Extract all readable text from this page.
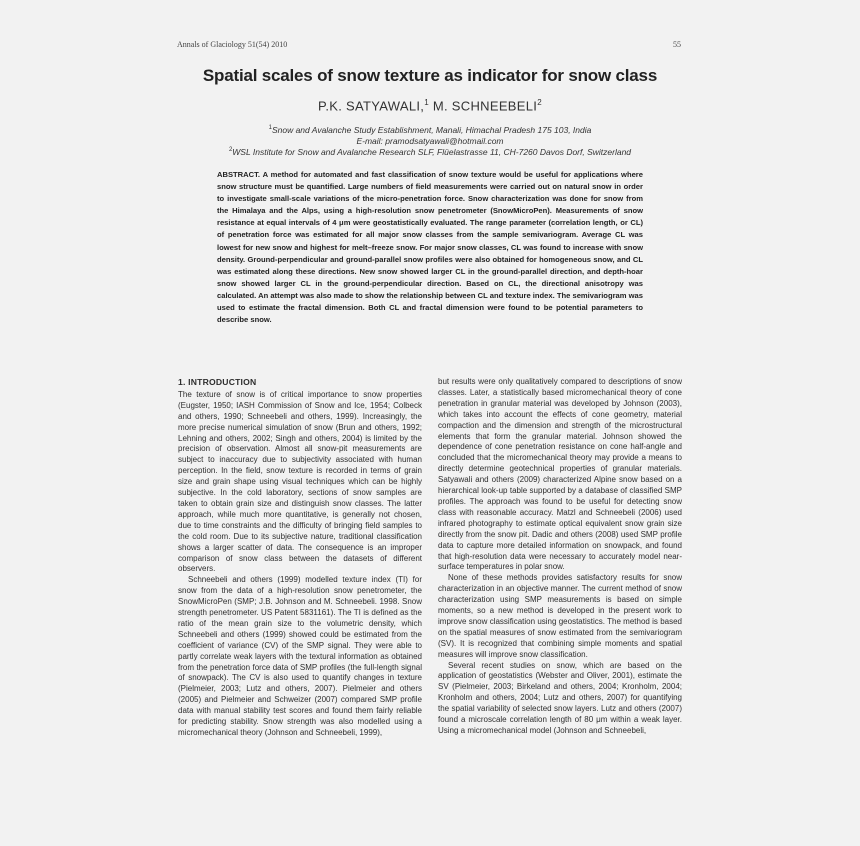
Annals of Glaciology 51(54) 2010	55
Spatial scales of snow texture as indicator for snow class
P.K. SATYAWALI,$^1$ M. SCHNEEBELI$^2$
$^1$Snow and Avalanche Study Establishment, Manali, Himachal Pradesh 175 103, India
E-mail: pramodsatyawali@hotmail.com
$^2$WSL Institute for Snow and Avalanche Research SLF, Flüelastrasse 11, CH-7260 Davos Dorf, Switzerland
ABSTRACT. A method for automated and fast classification of snow texture would be useful for applications where snow structure must be quantified. Large numbers of field measurements were carried out on natural snow in order to investigate small-scale variations of the micro-penetration force. Snow characterization was done for snow from the Himalaya and the Alps, using a high-resolution snow penetrometer (SnowMicroPen). Measurements of snow resistance at equal intervals of 4 μm were geostatistically evaluated. The range parameter (correlation length, or CL) of penetration force was estimated for all major snow classes from the sample semivariogram. Average CL was lowest for new snow and highest for melt–freeze snow. For major snow classes, CL was found to increase with snow density. Ground-perpendicular and ground-parallel snow profiles were also obtained for homogeneous snow, and CL was estimated along these directions. New snow showed larger CL in the ground-parallel direction, and depth-hoar snow showed larger CL in the ground-perpendicular direction. Based on CL, the directional anisotropy was calculated. An attempt was also made to show the relationship between CL and texture index. The semivariogram was used to estimate the fractal dimension. Both CL and fractal dimension were found to be potential parameters to describe snow.
1. INTRODUCTION

The texture of snow is of critical importance to snow properties (Eugster, 1950; IASH Commission of Snow and Ice, 1954; Colbeck and others, 1990; Schneebeli and others, 1999). Increasingly, the more precise numerical simulation of snow (Brun and others, 1992; Lehning and others, 2002; Singh and others, 2004) is limited by the precision of observation. Almost all snow-pit measurements are subject to inaccuracy due to subjectivity associated with human perception. In the field, snow texture is recorded in terms of grain size and grain shape using visual techniques which can be highly subjective. In the cold laboratory, sections of snow samples are taken to obtain grain size and distinguish snow classes. The latter approach, while much more quantitative, is generally not chosen, due to time constraints and the difficulty of bringing field samples to the cold room. Due to its subjective nature, traditional classification shows a larger scatter of data. The consequence is an improper comparison of snow class between the datasets of different observers.

Schneebeli and others (1999) modelled texture index (TI) for snow from the data of a high-resolution snow penetrometer, the SnowMicroPen (SMP; J.B. Johnson and M. Schneebeli. 1998. Snow strength penetrometer. US Patent 5831161). The TI is defined as the ratio of the mean grain size to the volumetric density, which Schneebeli and others (1999) showed could be estimated from the coefficient of variance (CV) of the SMP signal. They were able to partly correlate weak layers with the textural information as obtained from the penetration force data of SMP profiles (the full-length signal of snowpack). The CV is also used to quantify changes in texture (Pielmeier, 2003; Lutz and others, 2007). Pielmeier and others (2005) and Pielmeier and Schweizer (2007) compared SMP profile data with manual stability test scores and found them fairly reliable for predicting stability. Snow strength was also modelled using a micromechanical theory (Johnson and Schneebeli, 1999),

but results were only qualitatively compared to descriptions of snow classes. Later, a statistically based micromechanical theory of cone penetration in granular material was developed by Johnson (2003), which takes into account the effects of cone geometry, material compaction and the dimension and strength of the microstructural elements that form the granular material. Johnson showed the dependence of cone penetration resistance on cone half-angle and concluded that the micromechanical theory may provide a means to directly determine geotechnical properties of granular materials. Satyawali and others (2009) characterized Alpine snow based on a hierarchical look-up table supported by a database of classified SMP profiles. The approach was found to be useful for detecting snow class with reasonable accuracy. Matzl and Schneebeli (2006) used infrared photography to estimate optical equivalent snow grain size directly from the snow pit. Dadic and others (2008) used SMP profile data to capture more detailed information on snowpack, and found that high-resolution data were necessary to accurately model near-surface temperatures in polar snow.

None of these methods provides satisfactory results for snow characterization in an objective manner. The current method of snow characterization using SMP measurements is based on simple moments, so a new method is developed in the present work to improve snow classification using geostatistics. The method is based on the spatial measures of snow estimated from the semivariogram (SV). It is recognized that combining simple moments and spatial measures will improve snow classification.

Several recent studies on snow, which are based on the application of geostatistics (Webster and Oliver, 2001), estimate the SV (Pielmeier, 2003; Birkeland and others, 2004; Kronholm, 2004; Kronholm and others, 2004; Lutz and others, 2007) for quantifying the spatial variability of selected snow layers. Lutz and others (2007) found a microscale correlation length of 80 μm within a weak layer. Using a micromechanical model (Johnson and Schneebeli,
